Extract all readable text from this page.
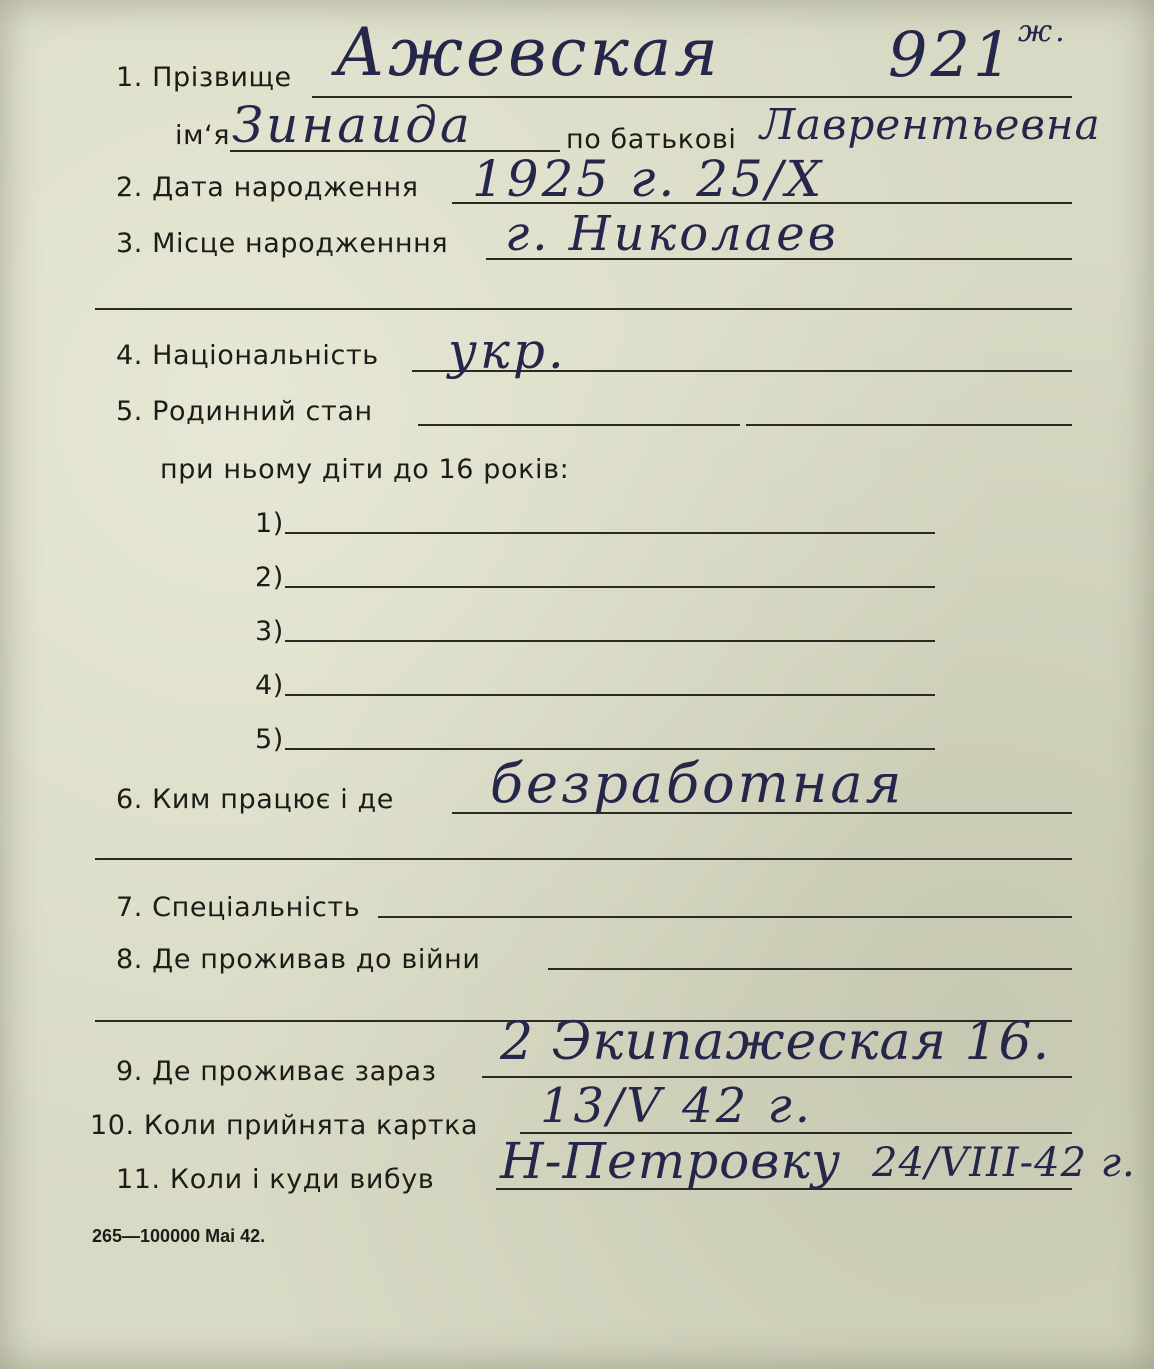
1. Прізвище Ажевская	921 ж.
ім‘я Зинаида	по батькові Лаврентьевна
2. Дата народження 1925 г. 25/X
3. Місце народженння г. Николаев
4. Національність укр.
5. Родинний стан
при ньому діти до 16 років:
1)
2)
3)
4)
5)
6. Ким працює і де безработная
7. Спеціальність
8. Де проживав до війни
9. Де проживає зараз 2 Экипажеская 16.
10. Коли прийнята картка 13/V 42 г.
11. Коли і куди вибув Н-Петровку 24/VIII-42 г.
265—100000 Mai 42.
